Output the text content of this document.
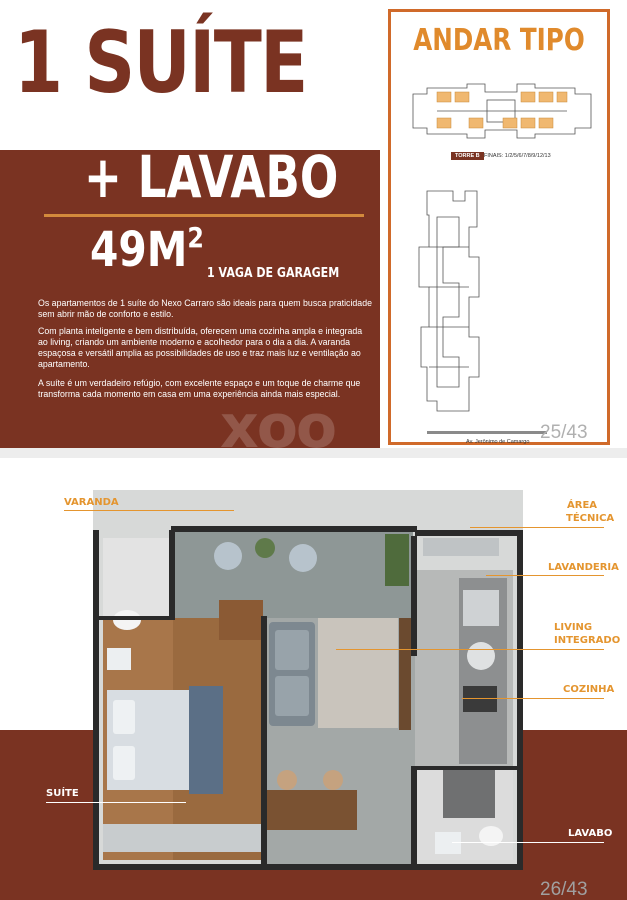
1 SUÍTE
+ LAVABO
$49M^2$
1 VAGA DE GARAGEM
Os apartamentos de 1 suíte do Nexo Carraro são ideais para quem busca praticidade sem abrir mão de conforto e estilo.
Com planta inteligente e bem distribuída, oferecem uma cozinha ampla e integrada ao living, criando um ambiente moderno e acolhedor para o dia a dia. A varanda espaçosa e versátil amplia as possibilidades de uso e traz mais luz e ventilação ao apartamento.
A suíte é um verdadeiro refúgio, com excelente espaço e um toque de charme que transforma cada momento em casa em uma experiência ainda mais especial.
xoo
ANDAR TIPO
TORRE B FINAIS: 1/2/5/6/7/8/9/12/13
Av. Jerônimo de Camargo 25/43
VARANDA	ÁREA
TÉCNICA
LAVANDERIA
LIVING
INTEGRADO
COZINHA
SUÍTE
LAVABO
26/43
